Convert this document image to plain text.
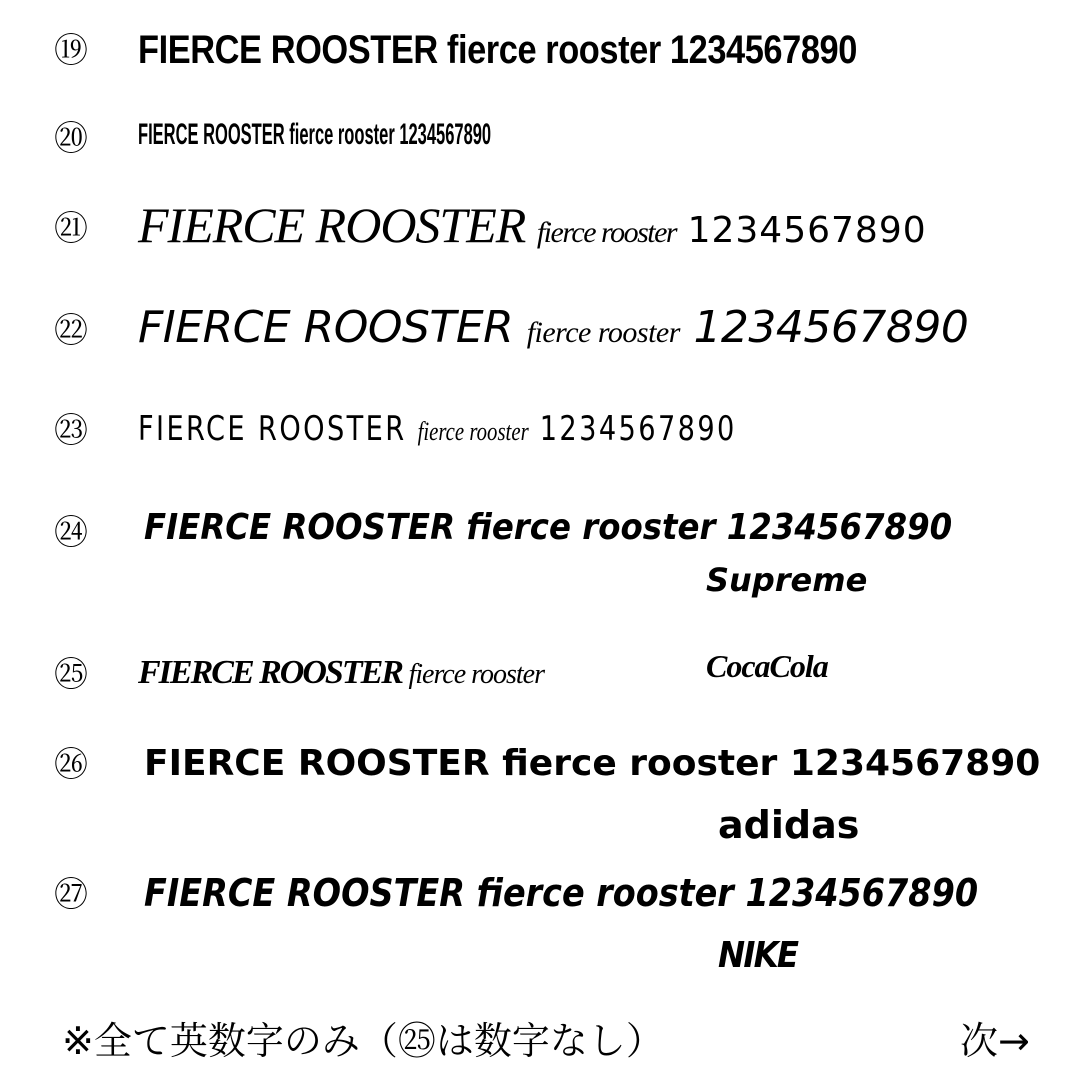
⑲ FIERCE ROOSTER fierce rooster 1234567890
⑳ FIERCE ROOSTER fierce rooster 1234567890
㉑ FIERCE ROOSTER fierce rooster 1234567890
㉒ FIERCE ROOSTER fierce rooster 1234567890
㉓ FIERCE ROOSTER fierce rooster 1234567890
㉔ FIERCE ROOSTER fierce rooster 1234567890
Supreme
㉕ FIERCE ROOSTER fierce rooster	CocaCola
㉖ FIERCE ROOSTER fierce rooster 1234567890
adidas
㉗ FIERCE ROOSTER fierce rooster 1234567890
NIKE
※全て英数字のみ（㉕は数字なし）	次→
